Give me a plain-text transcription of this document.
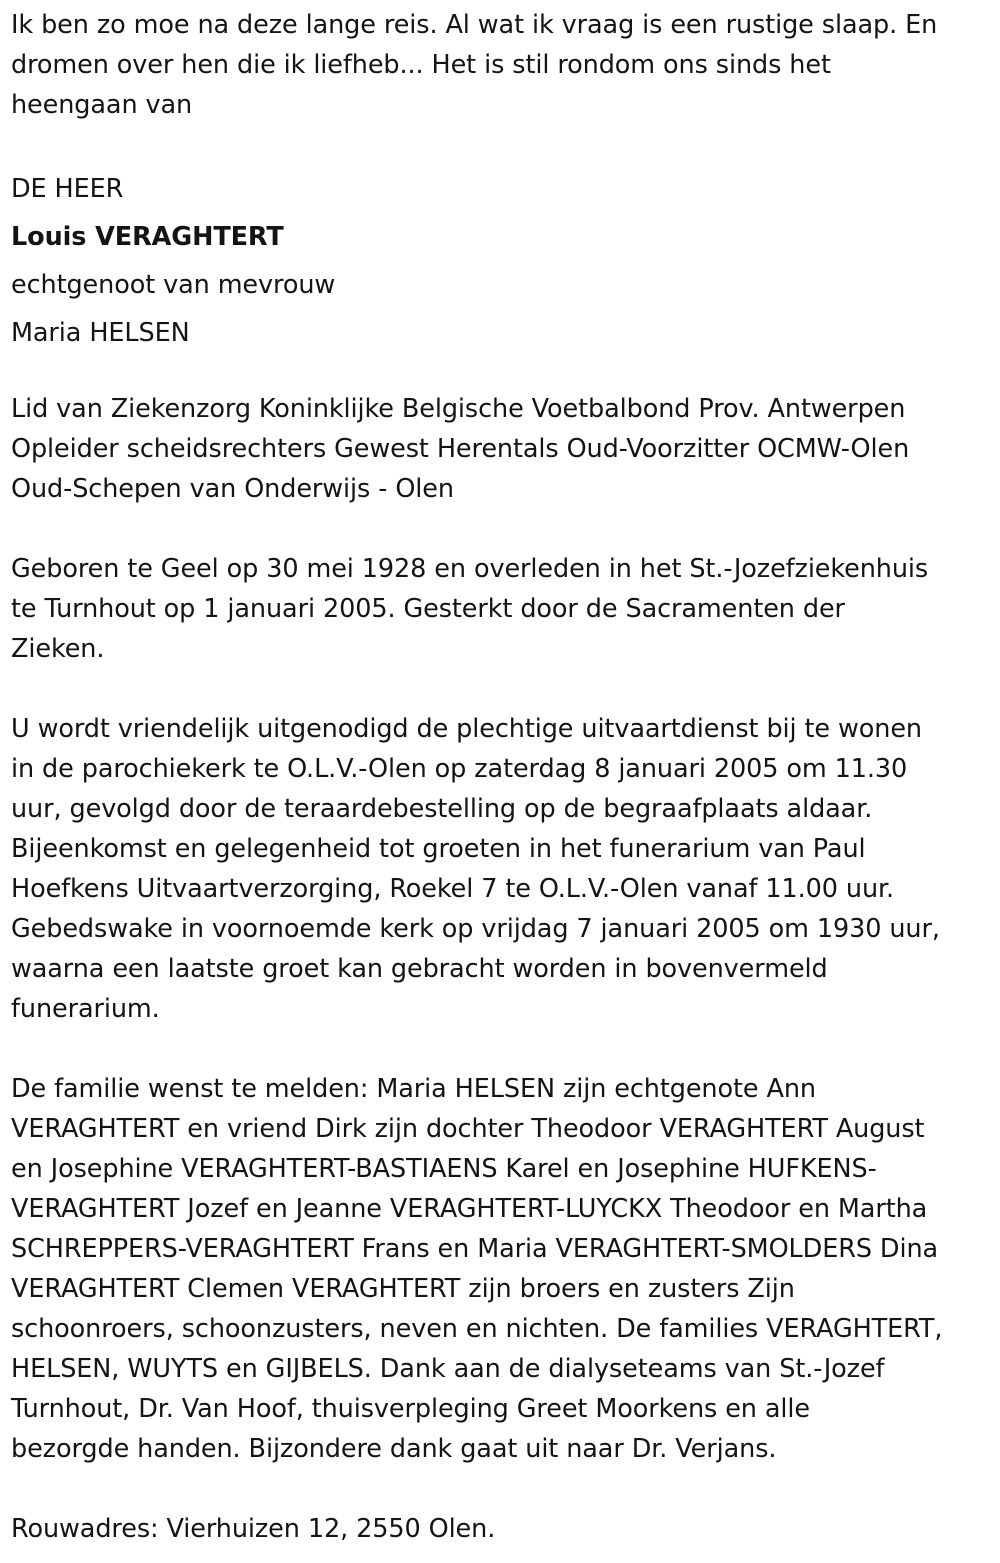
Ik ben zo moe na deze lange reis. Al wat ik vraag is een rustige slaap. En
dromen over hen die ik liefheb... Het is stil rondom ons sinds het
heengaan van

DE HEER

Louis VERAGHTERT

echtgenoot van mevrouw

Maria HELSEN

Lid van Ziekenzorg Koninklijke Belgische Voetbalbond Prov. Antwerpen
Opleider scheidsrechters Gewest Herentals Oud-Voorzitter OCMW-Olen
Oud-Schepen van Onderwijs - Olen

Geboren te Geel op 30 mei 1928 en overleden in het St.-Jozefziekenhuis
te Turnhout op 1 januari 2005. Gesterkt door de Sacramenten der
Zieken.

U wordt vriendelijk uitgenodigd de plechtige uitvaartdienst bij te wonen
in de parochiekerk te O.L.V.-Olen op zaterdag 8 januari 2005 om 11.30
uur, gevolgd door de teraardebestelling op de begraafplaats aldaar.
Bijeenkomst en gelegenheid tot groeten in het funerarium van Paul
Hoefkens Uitvaartverzorging, Roekel 7 te O.L.V.-Olen vanaf 11.00 uur.
Gebedswake in voornoemde kerk op vrijdag 7 januari 2005 om 1930 uur,
waarna een laatste groet kan gebracht worden in bovenvermeld
funerarium.

De familie wenst te melden: Maria HELSEN zijn echtgenote Ann
VERAGHTERT en vriend Dirk zijn dochter Theodoor VERAGHTERT August
en Josephine VERAGHTERT-BASTIAENS Karel en Josephine HUFKENS-
VERAGHTERT Jozef en Jeanne VERAGHTERT-LUYCKX Theodoor en Martha
SCHREPPERS-VERAGHTERT Frans en Maria VERAGHTERT-SMOLDERS Dina
VERAGHTERT Clemen VERAGHTERT zijn broers en zusters Zijn
schoonroers, schoonzusters, neven en nichten. De families VERAGHTERT,
HELSEN, WUYTS en GIJBELS. Dank aan de dialyseteams van St.-Jozef
Turnhout, Dr. Van Hoof, thuisverpleging Greet Moorkens en alle
bezorgde handen. Bijzondere dank gaat uit naar Dr. Verjans.

Rouwadres: Vierhuizen 12, 2550 Olen.
